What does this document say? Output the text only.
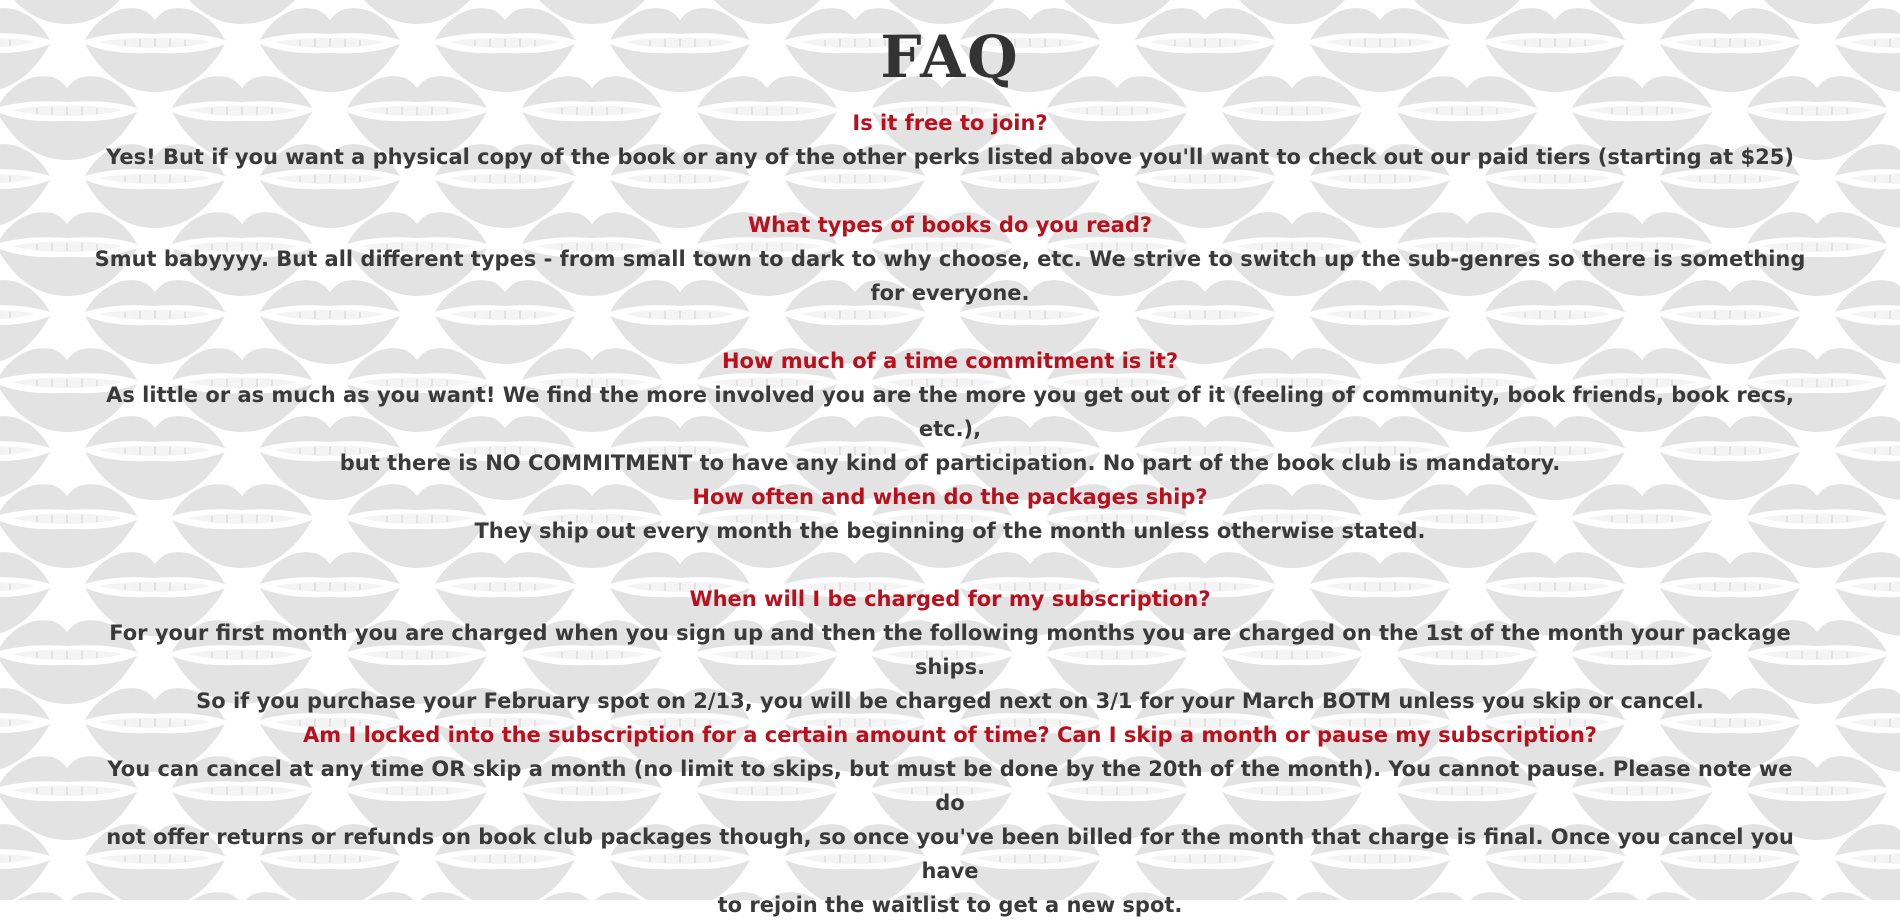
FAQ

Is it free to join?

Yes! But if you want a physical copy of the book or any of the other perks listed above you'll want to check out our paid tiers (starting at $25)

What types of books do you read?

Smut babyyyy. But all different types - from small town to dark to why choose, etc. We strive to switch up the sub-genres so there is something
for everyone.

How much of a time commitment is it?

As little or as much as you want! We find the more involved you are the more you get out of it (feeling of community, book friends, book recs, etc.),
but there is NO COMMITMENT to have any kind of participation. No part of the book club is mandatory.

How often and when do the packages ship?

They ship out every month the beginning of the month unless otherwise stated.

When will I be charged for my subscription?

For your first month you are charged when you sign up and then the following months you are charged on the 1st of the month your package ships.
So if you purchase your February spot on 2/13, you will be charged next on 3/1 for your March BOTM unless you skip or cancel.

Am I locked into the subscription for a certain amount of time? Can I skip a month or pause my subscription?

You can cancel at any time OR skip a month (no limit to skips, but must be done by the 20th of the month). You cannot pause. Please note we do
not offer returns or refunds on book club packages though, so once you've been billed for the month that charge is final. Once you cancel you have
to rejoin the waitlist to get a new spot.
